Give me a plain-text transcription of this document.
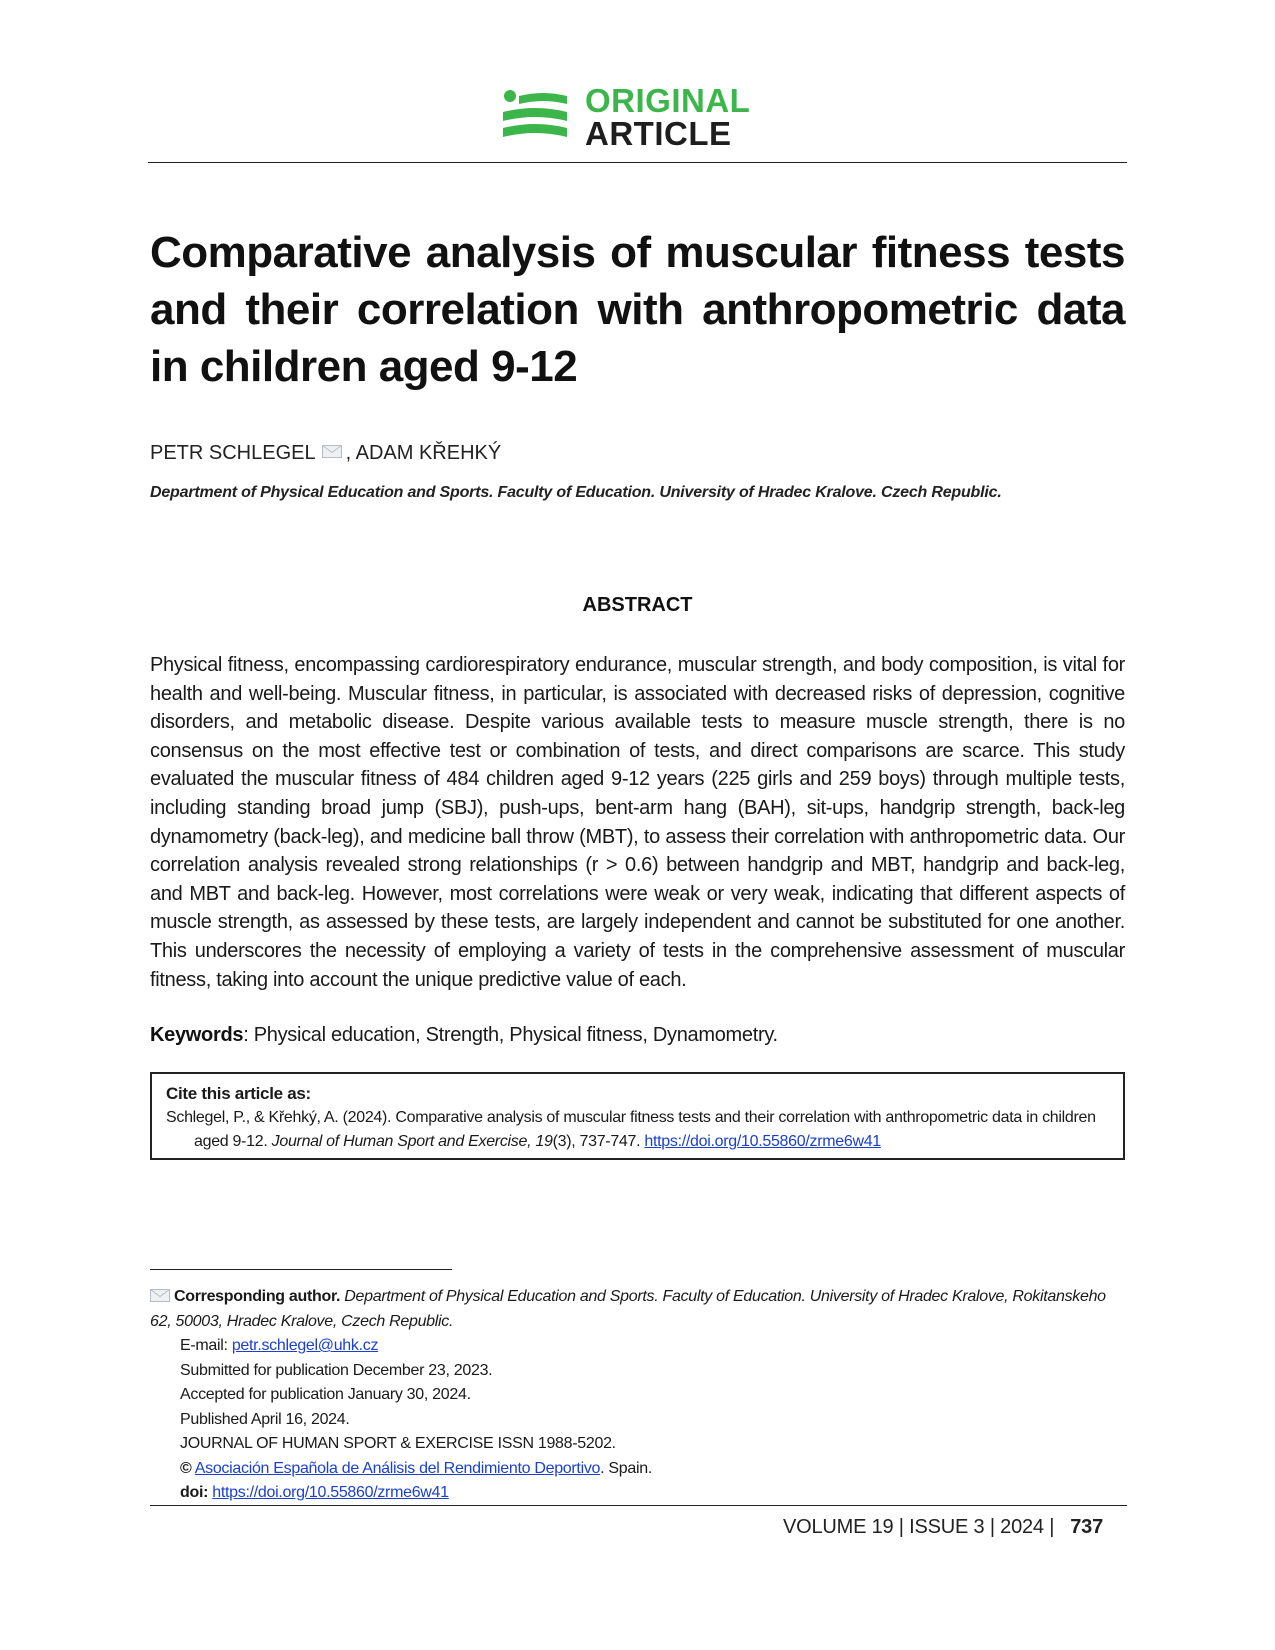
ORIGINAL
ARTICLE
Comparative analysis of muscular fitness tests and their correlation with anthropometric data in children aged 9-12
PETR SCHLEGEL , ADAM KŘEHKÝ
Department of Physical Education and Sports. Faculty of Education. University of Hradec Kralove. Czech Republic.
ABSTRACT

Physical fitness, encompassing cardiorespiratory endurance, muscular strength, and body composition, is vital for health and well-being. Muscular fitness, in particular, is associated with decreased risks of depression, cognitive disorders, and metabolic disease. Despite various available tests to measure muscle strength, there is no consensus on the most effective test or combination of tests, and direct comparisons are scarce. This study evaluated the muscular fitness of 484 children aged 9-12 years (225 girls and 259 boys) through multiple tests, including standing broad jump (SBJ), push-ups, bent-arm hang (BAH), sit-ups, handgrip strength, back-leg dynamometry (back-leg), and medicine ball throw (MBT), to assess their correlation with anthropometric data. Our correlation analysis revealed strong relationships (r > 0.6) between handgrip and MBT, handgrip and back-leg, and MBT and back-leg. However, most correlations were weak or very weak, indicating that different aspects of muscle strength, as assessed by these tests, are largely independent and cannot be substituted for one another. This underscores the necessity of employing a variety of tests in the comprehensive assessment of muscular fitness, taking into account the unique predictive value of each.

Keywords: Physical education, Strength, Physical fitness, Dynamometry.
Cite this article as:
Schlegel, P., & Křehký, A. (2024). Comparative analysis of muscular fitness tests and their correlation with anthropometric data in children aged 9-12. Journal of Human Sport and Exercise, 19(3), 737-747. https://doi.org/10.55860/zrme6w41
Corresponding author. Department of Physical Education and Sports. Faculty of Education. University of Hradec Kralove, Rokitanskeho 62, 50003, Hradec Kralove, Czech Republic.
E-mail: petr.schlegel@uhk.cz
Submitted for publication December 23, 2023.
Accepted for publication January 30, 2024.
Published April 16, 2024.
JOURNAL OF HUMAN SPORT & EXERCISE ISSN 1988-5202.
© Asociación Española de Análisis del Rendimiento Deportivo. Spain.
doi: https://doi.org/10.55860/zrme6w41
VOLUME 19 | ISSUE 3 | 2024 | 737
